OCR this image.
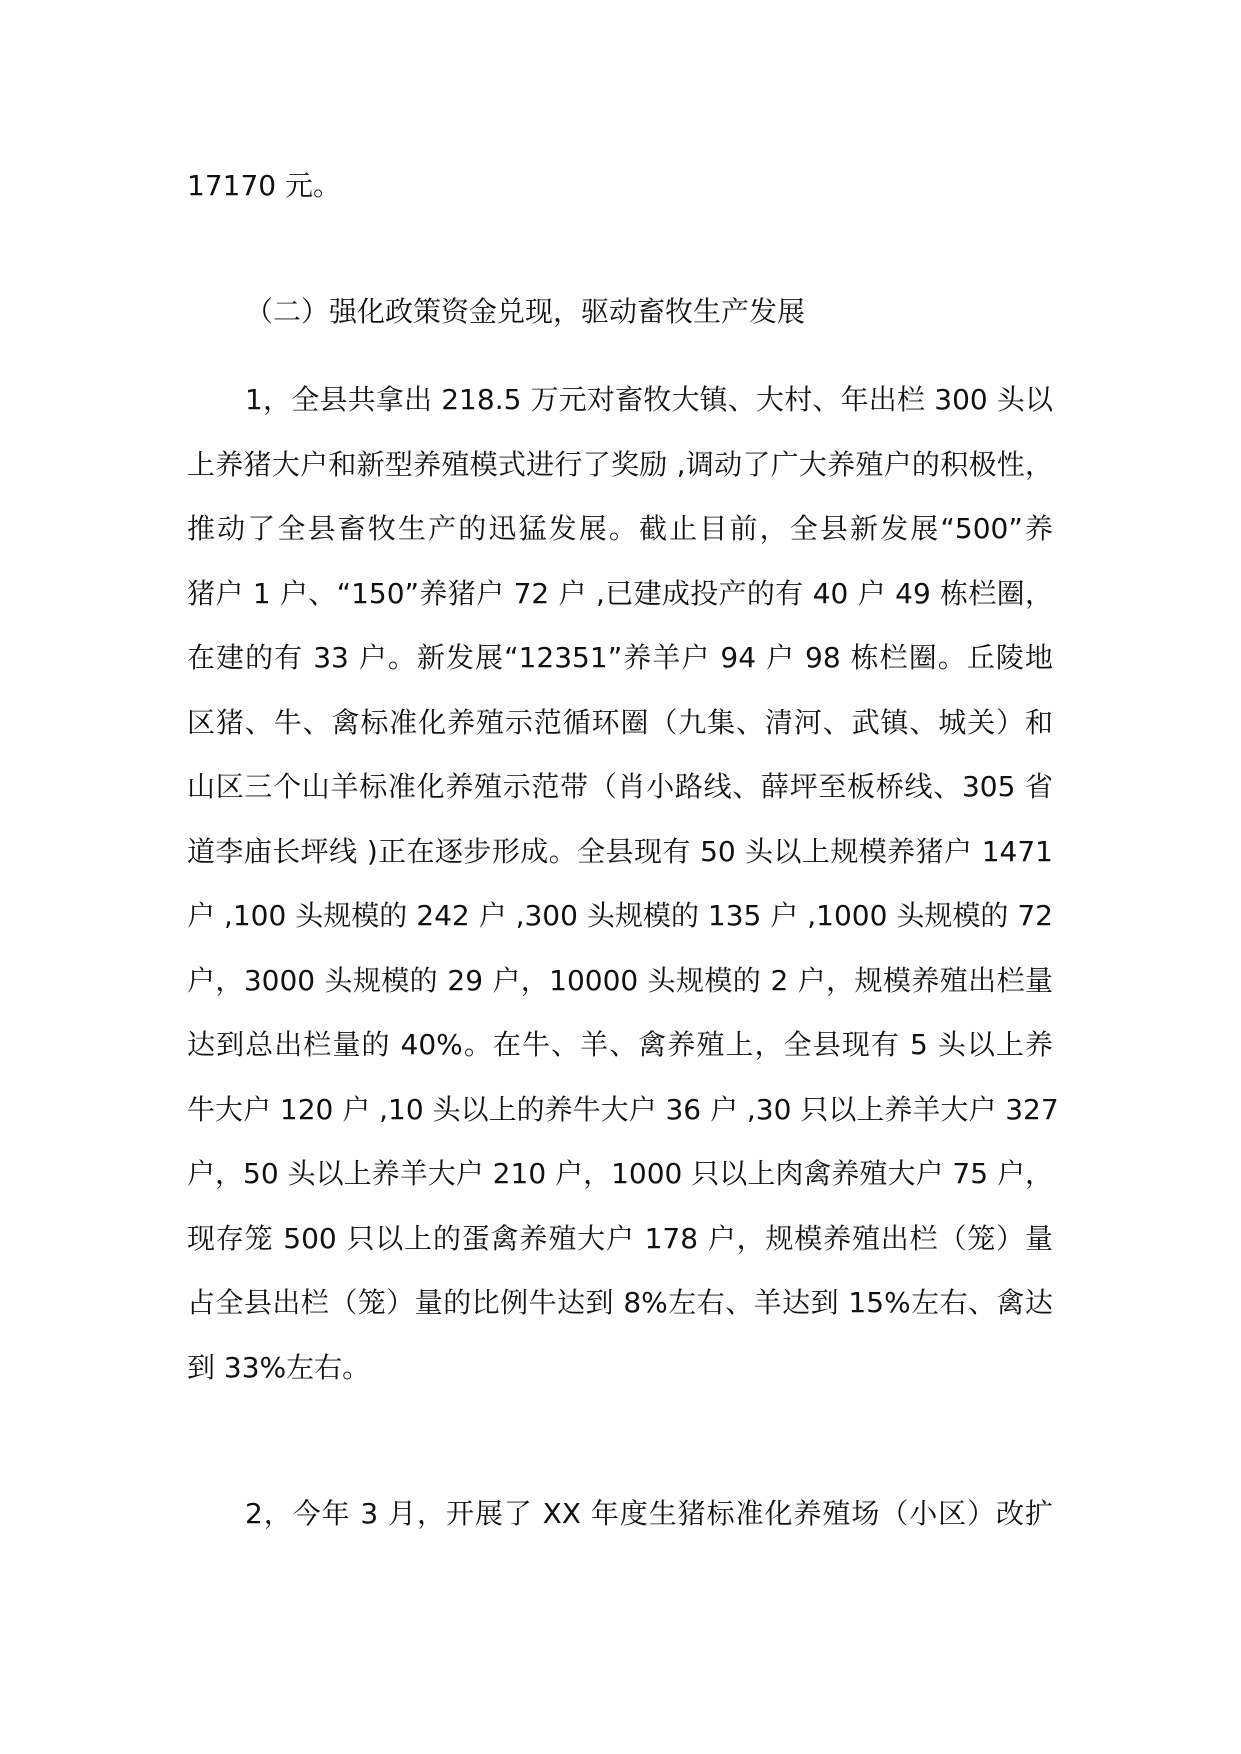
17170 元。
（二）强化政策资金兑现，驱动畜牧生产发展
1，全县共拿出 218.5 万元对畜牧大镇、大村、年出栏 300 头以
上养猪大户和新型养殖模式进行了奖励 ,调动了广大养殖户的积极性，
推动了全县畜牧生产的迅猛发展。截止目前，全县新发展“500”养
猪户 1 户、“150”养猪户 72 户 ,已建成投产的有 40 户 49 栋栏圈，
在建的有 33 户。新发展“12351”养羊户 94 户 98 栋栏圈。丘陵地
区猪、牛、禽标准化养殖示范循环圈（九集、清河、武镇、城关）和
山区三个山羊标准化养殖示范带（肖小路线、薛坪至板桥线、305 省
道李庙长坪线 )正在逐步形成。全县现有 50 头以上规模养猪户 1471
户 ,100 头规模的 242 户 ,300 头规模的 135 户 ,1000 头规模的 72
户，3000 头规模的 29 户，10000 头规模的 2 户，规模养殖出栏量
达到总出栏量的 40%。在牛、羊、禽养殖上，全县现有 5 头以上养
牛大户 120 户 ,10 头以上的养牛大户 36 户 ,30 只以上养羊大户 327
户，50 头以上养羊大户 210 户，1000 只以上肉禽养殖大户 75 户，
现存笼 500 只以上的蛋禽养殖大户 178 户，规模养殖出栏（笼）量
占全县出栏（笼）量的比例牛达到 8%左右、羊达到 15%左右、禽达
到 33%左右。
2，今年 3 月，开展了 XX 年度生猪标准化养殖场（小区）改扩
